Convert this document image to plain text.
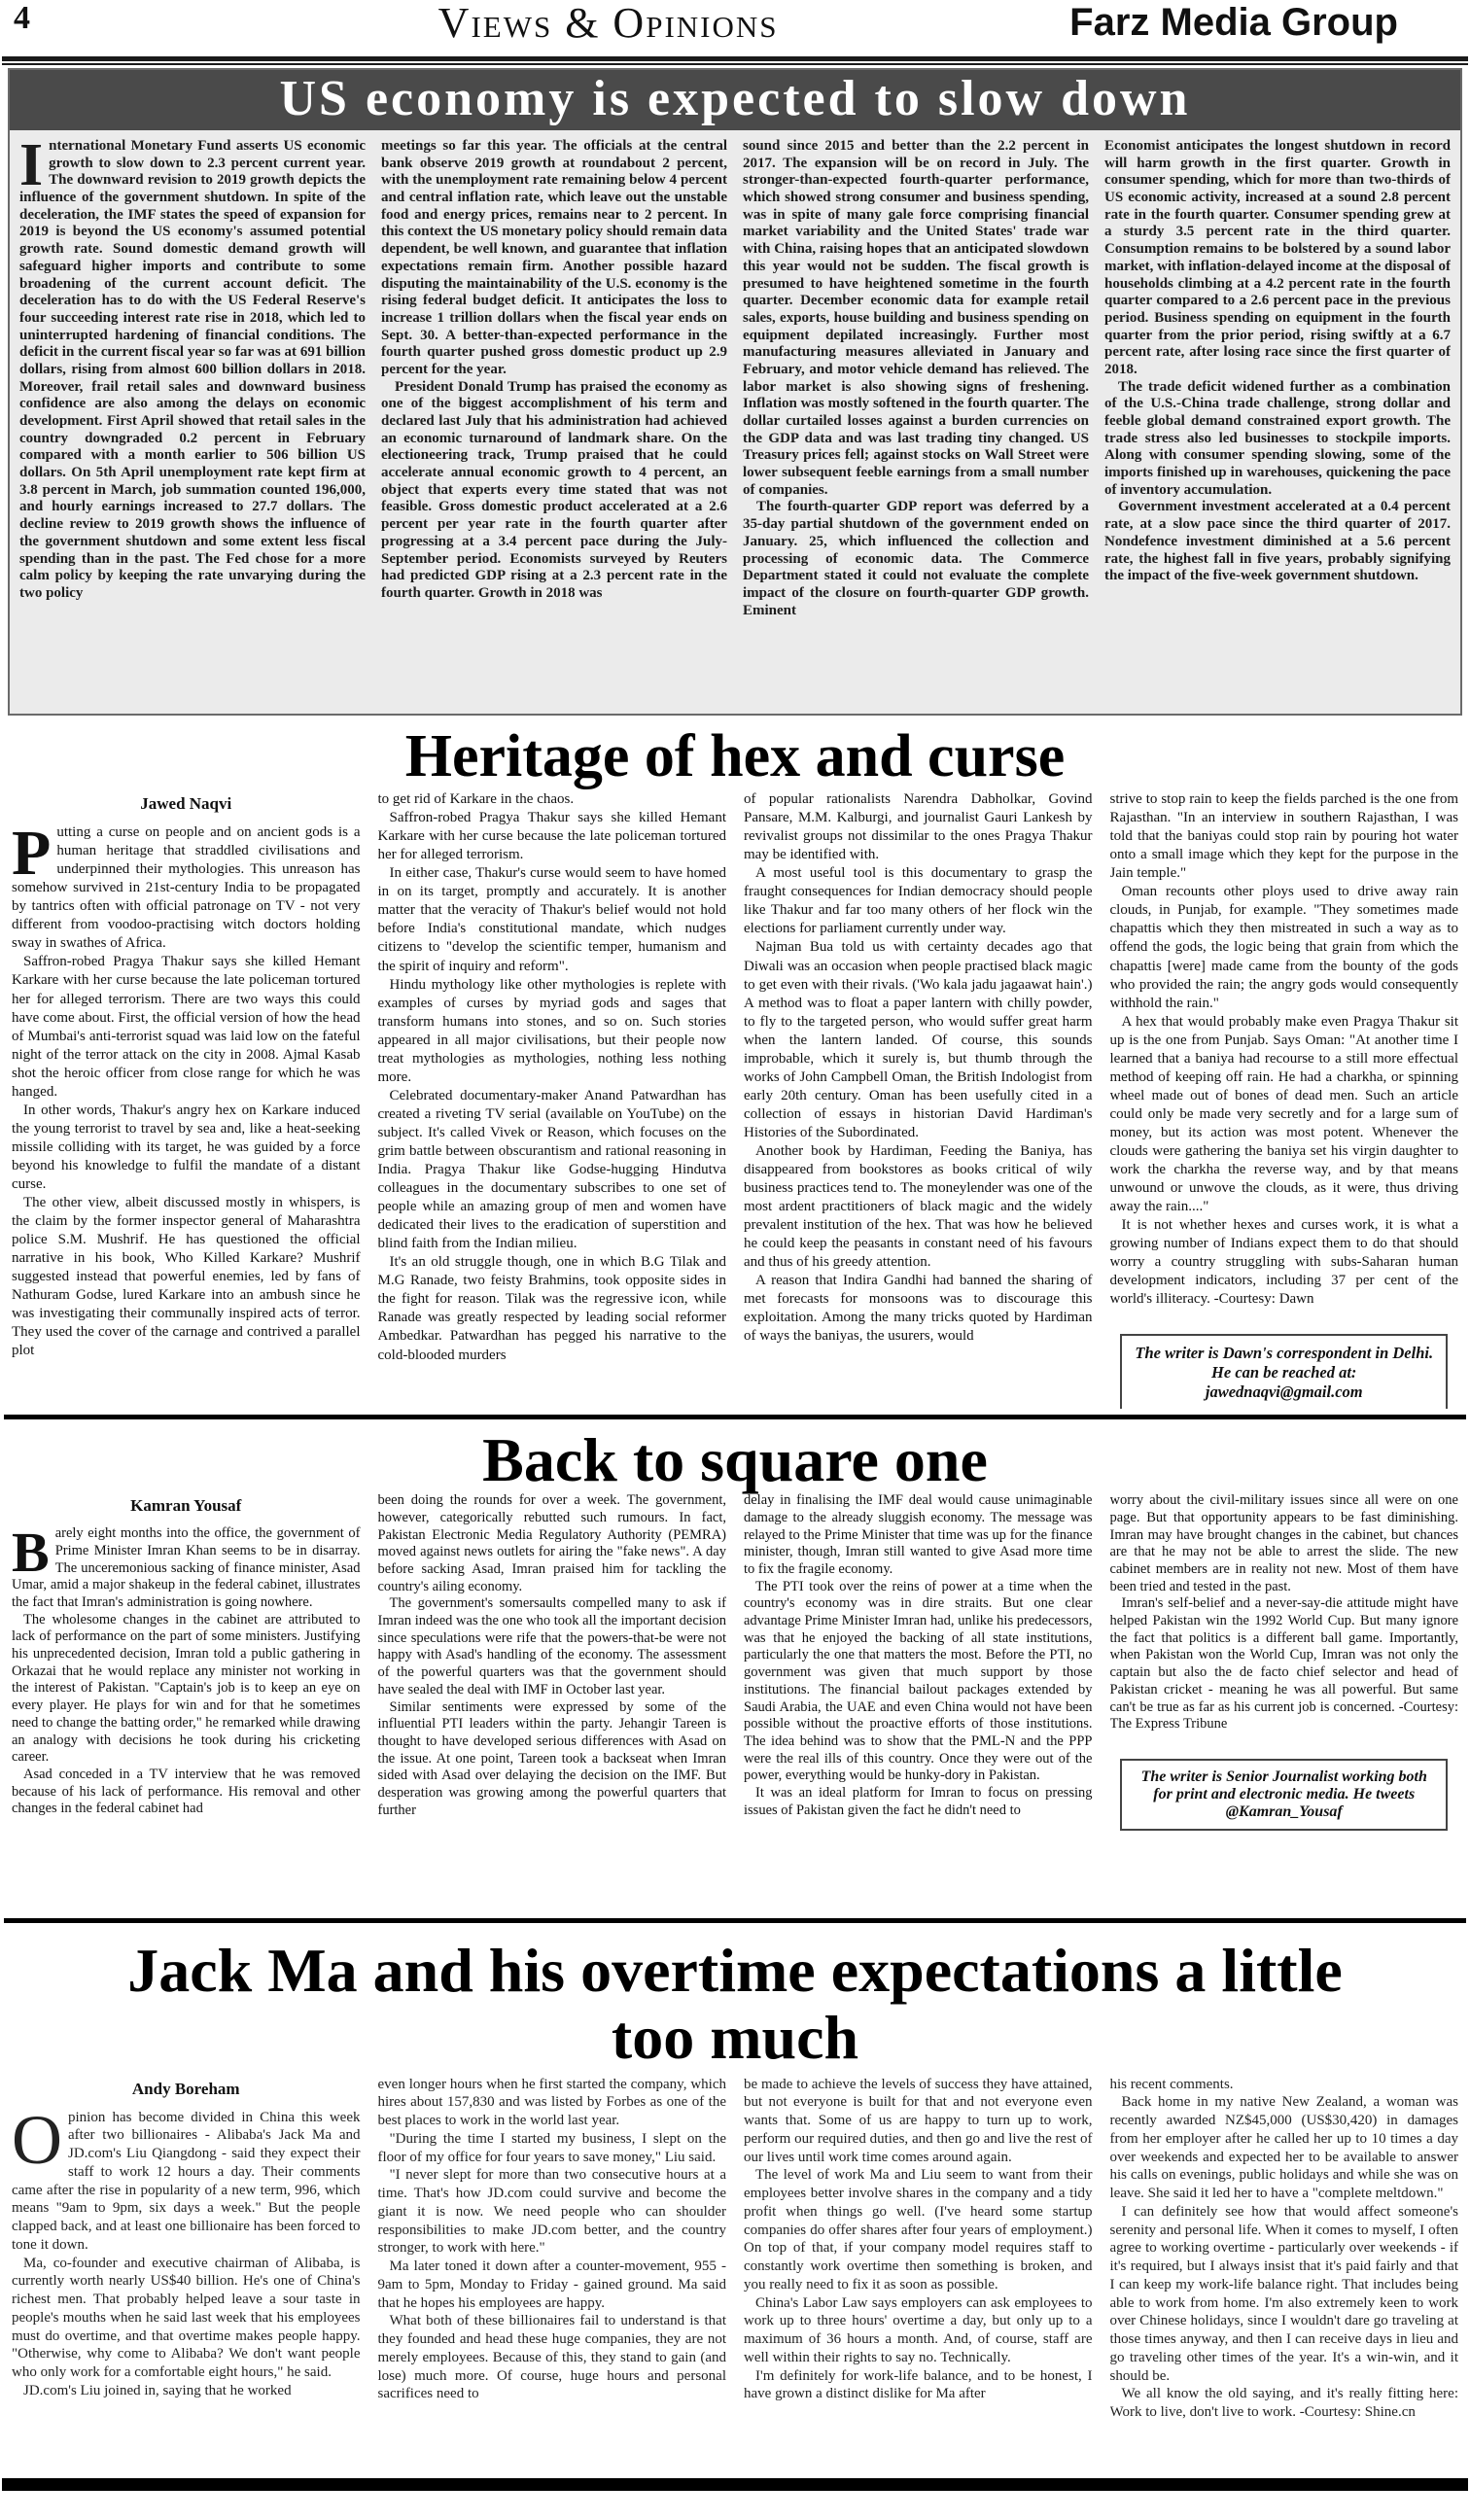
4	Views & Opinions	Farz Media Group
US economy is expected to slow down

International Monetary Fund asserts US economic growth to slow down to 2.3 percent current year. The downward revision to 2019 growth depicts the influence of the government shutdown. In spite of the deceleration, the IMF states the speed of expansion for 2019 is beyond the US economy's assumed potential growth rate. Sound domestic demand growth will safeguard higher imports and contribute to some broadening of the current account deficit. The deceleration has to do with the US Federal Reserve's four succeeding interest rate rise in 2018, which led to uninterrupted hardening of financial conditions. The deficit in the current fiscal year so far was at 691 billion dollars, rising from almost 600 billion dollars in 2018. Moreover, frail retail sales and downward business confidence are also among the delays on economic development. First April showed that retail sales in the country downgraded 0.2 percent in February compared with a month earlier to 506 billion US dollars. On 5th April unemployment rate kept firm at 3.8 percent in March, job summation counted 196,000, and hourly earnings increased to 27.7 dollars. The decline review to 2019 growth shows the influence of the government shutdown and some extent less fiscal spending than in the past. The Fed chose for a more calm policy by keeping the rate unvarying during the two policy

meetings so far this year. The officials at the central bank observe 2019 growth at roundabout 2 percent, with the unemployment rate remaining below 4 percent and central inflation rate, which leave out the unstable food and energy prices, remains near to 2 percent. In this context the US monetary policy should remain data dependent, be well known, and guarantee that inflation expectations remain firm. Another possible hazard disputing the maintainability of the U.S. economy is the rising federal budget deficit. It anticipates the loss to increase 1 trillion dollars when the fiscal year ends on Sept. 30. A better-than-expected performance in the fourth quarter pushed gross domestic product up 2.9 percent for the year.

President Donald Trump has praised the economy as one of the biggest accomplishment of his term and declared last July that his administration had achieved an economic turnaround of landmark share. On the electioneering track, Trump praised that he could accelerate annual economic growth to 4 percent, an object that experts every time stated that was not feasible. Gross domestic product accelerated at a 2.6 percent per year rate in the fourth quarter after progressing at a 3.4 percent pace during the July-September period. Economists surveyed by Reuters had predicted GDP rising at a 2.3 percent rate in the fourth quarter. Growth in 2018 was

sound since 2015 and better than the 2.2 percent in 2017. The expansion will be on record in July. The stronger-than-expected fourth-quarter performance, which showed strong consumer and business spending, was in spite of many gale force comprising financial market variability and the United States' trade war with China, raising hopes that an anticipated slowdown this year would not be sudden. The fiscal growth is presumed to have heightened sometime in the fourth quarter. December economic data for example retail sales, exports, house building and business spending on equipment depilated increasingly. Further most manufacturing measures alleviated in January and February, and motor vehicle demand has relieved. The labor market is also showing signs of freshening. Inflation was mostly softened in the fourth quarter. The dollar curtailed losses against a burden currencies on the GDP data and was last trading tiny changed. US Treasury prices fell; against stocks on Wall Street were lower subsequent feeble earnings from a small number of companies.

The fourth-quarter GDP report was deferred by a 35-day partial shutdown of the government ended on January. 25, which influenced the collection and processing of economic data. The Commerce Department stated it could not evaluate the complete impact of the closure on fourth-quarter GDP growth. Eminent

Economist anticipates the longest shutdown in record will harm growth in the first quarter. Growth in consumer spending, which for more than two-thirds of US economic activity, increased at a sound 2.8 percent rate in the fourth quarter. Consumer spending grew at a sturdy 3.5 percent rate in the third quarter. Consumption remains to be bolstered by a sound labor market, with inflation-delayed income at the disposal of households climbing at a 4.2 percent rate in the fourth quarter compared to a 2.6 percent pace in the previous period. Business spending on equipment in the fourth quarter from the prior period, rising swiftly at a 6.7 percent rate, after losing race since the first quarter of 2018.

The trade deficit widened further as a combination of the U.S.-China trade challenge, strong dollar and feeble global demand constrained export growth. The trade stress also led businesses to stockpile imports. Along with consumer spending slowing, some of the imports finished up in warehouses, quickening the pace of inventory accumulation.

Government investment accelerated at a 0.4 percent rate, at a slow pace since the third quarter of 2017. Nondefence investment diminished at a 5.6 percent rate, the highest fall in five years, probably signifying the impact of the five-week government shutdown.

Heritage of hex and curse
Jawed Naqvi

Putting a curse on people and on ancient gods is a human heritage that straddled civilisations and underpinned their mythologies. This unreason has somehow survived in 21st-century India to be propagated by tantrics often with official patronage on TV - not very different from voodoo-practising witch doctors holding sway in swathes of Africa.

Saffron-robed Pragya Thakur says she killed Hemant Karkare with her curse because the late policeman tortured her for alleged terrorism. There are two ways this could have come about. First, the official version of how the head of Mumbai's anti-terrorist squad was laid low on the fateful night of the terror attack on the city in 2008. Ajmal Kasab shot the heroic officer from close range for which he was hanged.

In other words, Thakur's angry hex on Karkare induced the young terrorist to travel by sea and, like a heat-seeking missile colliding with its target, he was guided by a force beyond his knowledge to fulfil the mandate of a distant curse.

The other view, albeit discussed mostly in whispers, is the claim by the former inspector general of Maharashtra police S.M. Mushrif. He has questioned the official narrative in his book, Who Killed Karkare? Mushrif suggested instead that powerful enemies, led by fans of Nathuram Godse, lured Karkare into an ambush since he was investigating their communally inspired acts of terror. They used the cover of the carnage and contrived a parallel plot

to get rid of Karkare in the chaos.

Saffron-robed Pragya Thakur says she killed Hemant Karkare with her curse because the late policeman tortured her for alleged terrorism.

In either case, Thakur's curse would seem to have homed in on its target, promptly and accurately. It is another matter that the veracity of Thakur's belief would not hold before India's constitutional mandate, which nudges citizens to "develop the scientific temper, humanism and the spirit of inquiry and reform".

Hindu mythology like other mythologies is replete with examples of curses by myriad gods and sages that transform humans into stones, and so on. Such stories appeared in all major civilisations, but their people now treat mythologies as mythologies, nothing less nothing more.

Celebrated documentary-maker Anand Patwardhan has created a riveting TV serial (available on YouTube) on the subject. It's called Vivek or Reason, which focuses on the grim battle between obscurantism and rational reasoning in India. Pragya Thakur like Godse-hugging Hindutva colleagues in the documentary subscribes to one set of people while an amazing group of men and women have dedicated their lives to the eradication of superstition and blind faith from the Indian milieu.

It's an old struggle though, one in which B.G Tilak and M.G Ranade, two feisty Brahmins, took opposite sides in the fight for reason. Tilak was the regressive icon, while Ranade was greatly respected by leading social reformer Ambedkar. Patwardhan has pegged his narrative to the cold-blooded murders

of popular rationalists Narendra Dabholkar, Govind Pansare, M.M. Kalburgi, and journalist Gauri Lankesh by revivalist groups not dissimilar to the ones Pragya Thakur may be identified with.

A most useful tool is this documentary to grasp the fraught consequences for Indian democracy should people like Thakur and far too many others of her flock win the elections for parliament currently under way.

Najman Bua told us with certainty decades ago that Diwali was an occasion when people practised black magic to get even with their rivals. ('Wo kala jadu jagaawat hain'.) A method was to float a paper lantern with chilly powder, to fly to the targeted person, who would suffer great harm when the lantern landed. Of course, this sounds improbable, which it surely is, but thumb through the works of John Campbell Oman, the British Indologist from early 20th century. Oman has been usefully cited in a collection of essays in historian David Hardiman's Histories of the Subordinated.

Another book by Hardiman, Feeding the Baniya, has disappeared from bookstores as books critical of wily business practices tend to. The moneylender was one of the most ardent practitioners of black magic and the widely prevalent institution of the hex. That was how he believed he could keep the peasants in constant need of his favours and thus of his greedy attention.

A reason that Indira Gandhi had banned the sharing of met forecasts for monsoons was to discourage this exploitation. Among the many tricks quoted by Hardiman of ways the baniyas, the usurers, would

strive to stop rain to keep the fields parched is the one from Rajasthan. "In an interview in southern Rajasthan, I was told that the baniyas could stop rain by pouring hot water onto a small image which they kept for the purpose in the Jain temple."

Oman recounts other ploys used to drive away rain clouds, in Punjab, for example. "They sometimes made chapattis which they then mistreated in such a way as to offend the gods, the logic being that grain from which the chapattis [were] made came from the bounty of the gods who provided the rain; the angry gods would consequently withhold the rain."

A hex that would probably make even Pragya Thakur sit up is the one from Punjab. Says Oman: "At another time I learned that a baniya had recourse to a still more effectual method of keeping off rain. He had a charkha, or spinning wheel made out of bones of dead men. Such an article could only be made very secretly and for a large sum of money, but its action was most potent. Whenever the clouds were gathering the baniya set his virgin daughter to work the charkha the reverse way, and by that means unwound or unwove the clouds, as it were, thus driving away the rain...."

It is not whether hexes and curses work, it is what a growing number of Indians expect them to do that should worry a country struggling with subs-Saharan human development indicators, including 37 per cent of the world's illiteracy. -Courtesy: Dawn

The writer is Dawn's correspondent in Delhi. He can be reached at: jawednaqvi@gmail.com
Back to square one
Kamran Yousaf

Barely eight months into the office, the government of Prime Minister Imran Khan seems to be in disarray. The unceremonious sacking of finance minister, Asad Umar, amid a major shakeup in the federal cabinet, illustrates the fact that Imran's administration is going nowhere.

The wholesome changes in the cabinet are attributed to lack of performance on the part of some ministers. Justifying his unprecedented decision, Imran told a public gathering in Orkazai that he would replace any minister not working in the interest of Pakistan. "Captain's job is to keep an eye on every player. He plays for win and for that he sometimes need to change the batting order," he remarked while drawing an analogy with decisions he took during his cricketing career.

Asad conceded in a TV interview that he was removed because of his lack of performance. His removal and other changes in the federal cabinet had

been doing the rounds for over a week. The government, however, categorically rebutted such rumours. In fact, Pakistan Electronic Media Regulatory Authority (PEMRA) moved against news outlets for airing the "fake news". A day before sacking Asad, Imran praised him for tackling the country's ailing economy.

The government's somersaults compelled many to ask if Imran indeed was the one who took all the important decision since speculations were rife that the powers-that-be were not happy with Asad's handling of the economy. The assessment of the powerful quarters was that the government should have sealed the deal with IMF in October last year.

Similar sentiments were expressed by some of the influential PTI leaders within the party. Jehangir Tareen is thought to have developed serious differences with Asad on the issue. At one point, Tareen took a backseat when Imran sided with Asad over delaying the decision on the IMF. But desperation was growing among the powerful quarters that further

delay in finalising the IMF deal would cause unimaginable damage to the already sluggish economy. The message was relayed to the Prime Minister that time was up for the finance minister, though, Imran still wanted to give Asad more time to fix the fragile economy.

The PTI took over the reins of power at a time when the country's economy was in dire straits. But one clear advantage Prime Minister Imran had, unlike his predecessors, was that he enjoyed the backing of all state institutions, particularly the one that matters the most. Before the PTI, no government was given that much support by those institutions. The financial bailout packages extended by Saudi Arabia, the UAE and even China would not have been possible without the proactive efforts of those institutions. The idea behind was to show that the PML-N and the PPP were the real ills of this country. Once they were out of the power, everything would be hunky-dory in Pakistan.

It was an ideal platform for Imran to focus on pressing issues of Pakistan given the fact he didn't need to

worry about the civil-military issues since all were on one page. But that opportunity appears to be fast diminishing. Imran may have brought changes in the cabinet, but chances are that he may not be able to arrest the slide. The new cabinet members are in reality not new. Most of them have been tried and tested in the past.

Imran's self-belief and a never-say-die attitude might have helped Pakistan win the 1992 World Cup. But many ignore the fact that politics is a different ball game. Importantly, when Pakistan won the World Cup, Imran was not only the captain but also the de facto chief selector and head of Pakistan cricket - meaning he was all powerful. But same can't be true as far as his current job is concerned. -Courtesy: The Express Tribune

The writer is Senior Journalist working both for print and electronic media. He tweets @Kamran_Yousaf
Jack Ma and his overtime expectations a little too much
Andy Boreham

Opinion has become divided in China this week after two billionaires - Alibaba's Jack Ma and JD.com's Liu Qiangdong - said they expect their staff to work 12 hours a day. Their comments came after the rise in popularity of a new term, 996, which means "9am to 9pm, six days a week." But the people clapped back, and at least one billionaire has been forced to tone it down.

Ma, co-founder and executive chairman of Alibaba, is currently worth nearly US$40 billion. He's one of China's richest men. That probably helped leave a sour taste in people's mouths when he said last week that his employees must do overtime, and that overtime makes people happy. "Otherwise, why come to Alibaba? We don't want people who only work for a comfortable eight hours," he said.

JD.com's Liu joined in, saying that he worked

even longer hours when he first started the company, which hires about 157,830 and was listed by Forbes as one of the best places to work in the world last year.

"During the time I started my business, I slept on the floor of my office for four years to save money," Liu said.

"I never slept for more than two consecutive hours at a time. That's how JD.com could survive and become the giant it is now. We need people who can shoulder responsibilities to make JD.com better, and the country stronger, to work with here."

Ma later toned it down after a counter-movement, 955 - 9am to 5pm, Monday to Friday - gained ground. Ma said that he hopes his employees are happy.

What both of these billionaires fail to understand is that they founded and head these huge companies, they are not merely employees. Because of this, they stand to gain (and lose) much more. Of course, huge hours and personal sacrifices need to

be made to achieve the levels of success they have attained, but not everyone is built for that and not everyone even wants that. Some of us are happy to turn up to work, perform our required duties, and then go and live the rest of our lives until work time comes around again.

The level of work Ma and Liu seem to want from their employees better involve shares in the company and a tidy profit when things go well. (I've heard some startup companies do offer shares after four years of employment.) On top of that, if your company model requires staff to constantly work overtime then something is broken, and you really need to fix it as soon as possible.

China's Labor Law says employers can ask employees to work up to three hours' overtime a day, but only up to a maximum of 36 hours a month. And, of course, staff are well within their rights to say no. Technically.

I'm definitely for work-life balance, and to be honest, I have grown a distinct dislike for Ma after

his recent comments.

Back home in my native New Zealand, a woman was recently awarded NZ$45,000 (US$30,420) in damages from her employer after he called her up to 10 times a day over weekends and expected her to be available to answer his calls on evenings, public holidays and while she was on leave. She said it led her to have a "complete meltdown."

I can definitely see how that would affect someone's serenity and personal life. When it comes to myself, I often agree to working overtime - particularly over weekends - if it's required, but I always insist that it's paid fairly and that I can keep my work-life balance right. That includes being able to work from home. I'm also extremely keen to work over Chinese holidays, since I wouldn't dare go traveling at those times anyway, and then I can receive days in lieu and go traveling other times of the year. It's a win-win, and it should be.

We all know the old saying, and it's really fitting here: Work to live, don't live to work. -Courtesy: Shine.cn
